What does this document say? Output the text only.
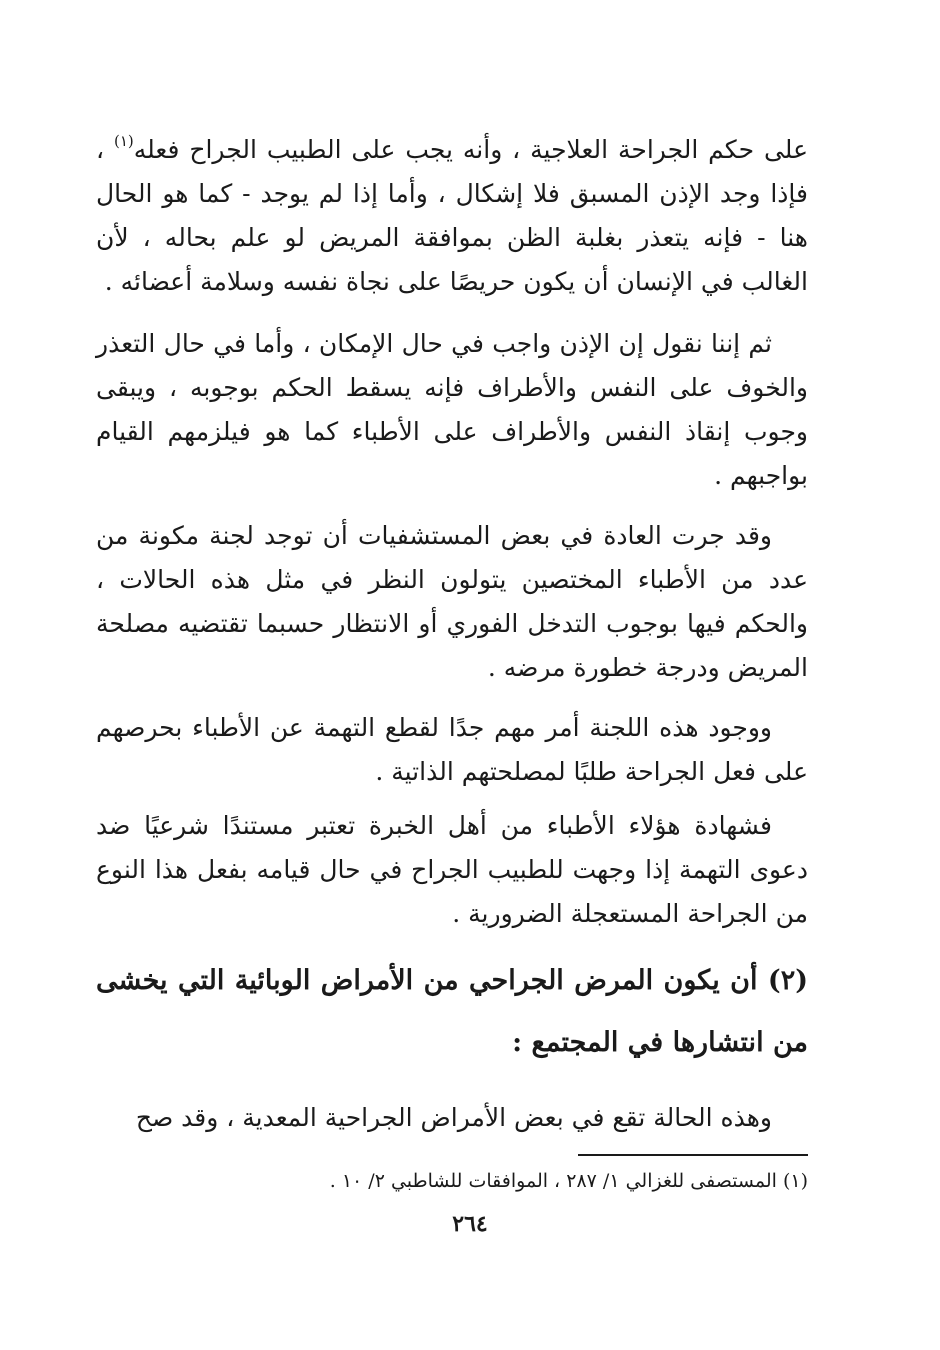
على حكم الجراحة العلاجية ، وأنه يجب على الطبيب الجراح فعله$^{(١)}$ ، فإذا وجد الإذن المسبق فلا إشكال ، وأما إذا لم يوجد - كما هو الحال هنا - فإنه يتعذر بغلبة الظن بموافقة المريض لو علم بحاله ، لأن الغالب في الإنسان أن يكون حريصًا على نجاة نفسه وسلامة أعضائه .
ثم إننا نقول إن الإذن واجب في حال الإمكان ، وأما في حال التعذر والخوف على النفس والأطراف فإنه يسقط الحكم بوجوبه ، ويبقى وجوب إنقاذ النفس والأطراف على الأطباء كما هو فيلزمهم القيام بواجبهم .
وقد جرت العادة في بعض المستشفيات أن توجد لجنة مكونة من عدد من الأطباء المختصين يتولون النظر في مثل هذه الحالات ، والحكم فيها بوجوب التدخل الفوري أو الانتظار حسبما تقتضيه مصلحة المريض ودرجة خطورة مرضه .
ووجود هذه اللجنة أمر مهم جدًا لقطع التهمة عن الأطباء بحرصهم على فعل الجراحة طلبًا لمصلحتهم الذاتية .
فشهادة هؤلاء الأطباء من أهل الخبرة تعتبر مستندًا شرعيًا ضد دعوى التهمة إذا وجهت للطبيب الجراح في حال قيامه بفعل هذا النوع من الجراحة المستعجلة الضرورية .
(٢) أن يكون المرض الجراحي من الأمراض الوبائية التي يخشى من انتشارها في المجتمع :
وهذه الحالة تقع في بعض الأمراض الجراحية المعدية ، وقد صح
(١) المستصفى للغزالي ١/ ٢٨٧ ، الموافقات للشاطبي ٢/ ١٠ .
٢٦٤
